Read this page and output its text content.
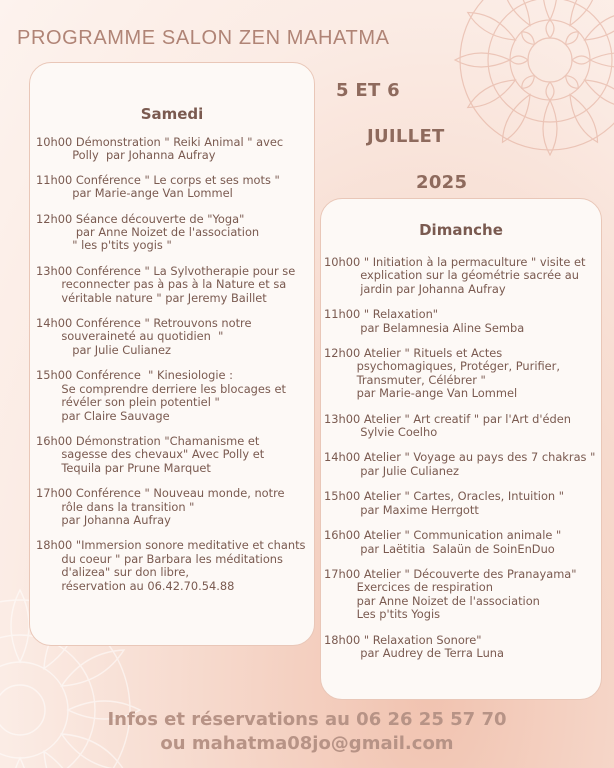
PROGRAMME SALON ZEN MAHATMA
5 ET 6
JUILLET
2025
Samedi
10h00 Démonstration " Reiki Animal " avec
Polly  par Johanna Aufray
11h00 Conférence " Le corps et ses mots "
par Marie-ange Van Lommel
12h00 Séance découverte de "Yoga"
par Anne Noizet de l'association
" les p'tits yogis "
13h00 Conférence " La Sylvotherapie pour se
reconnecter pas à pas à la Nature et sa
véritable nature " par Jeremy Baillet
14h00 Conférence " Retrouvons notre
souveraineté au quotidien  "
par Julie Culianez
15h00 Conférence  " Kinesiologie :
Se comprendre derriere les blocages et
révéler son plein potentiel "
par Claire Sauvage
16h00 Démonstration "Chamanisme et
sagesse des chevaux" Avec Polly et
Tequila par Prune Marquet
17h00 Conférence " Nouveau monde, notre
rôle dans la transition "
par Johanna Aufray
18h00 "Immersion sonore meditative et chants
du coeur " par Barbara les méditations
d'alizea" sur don libre,
réservation au 06.42.70.54.88
Dimanche
10h00 " Initiation à la permaculture " visite et
explication sur la géométrie sacrée au
jardin par Johanna Aufray
11h00 " Relaxation"
par Belamnesia Aline Semba
12h00 Atelier " Rituels et Actes
psychomagiques, Protéger, Purifier,
Transmuter, Célébrer "
par Marie-ange Van Lommel
13h00 Atelier " Art creatif " par l'Art d'éden
Sylvie Coelho
14h00 Atelier " Voyage au pays des 7 chakras "
par Julie Culianez
15h00 Atelier " Cartes, Oracles, Intuition "
par Maxime Herrgott
16h00 Atelier " Communication animale "
par Laëtitia  Salaün de SoinEnDuo
17h00 Atelier " Découverte des Pranayama"
Exercices de respiration
par Anne Noizet de l'association
Les p'tits Yogis
18h00 " Relaxation Sonore"
par Audrey de Terra Luna
Infos et réservations au 06 26 25 57 70
ou mahatma08jo@gmail.com
